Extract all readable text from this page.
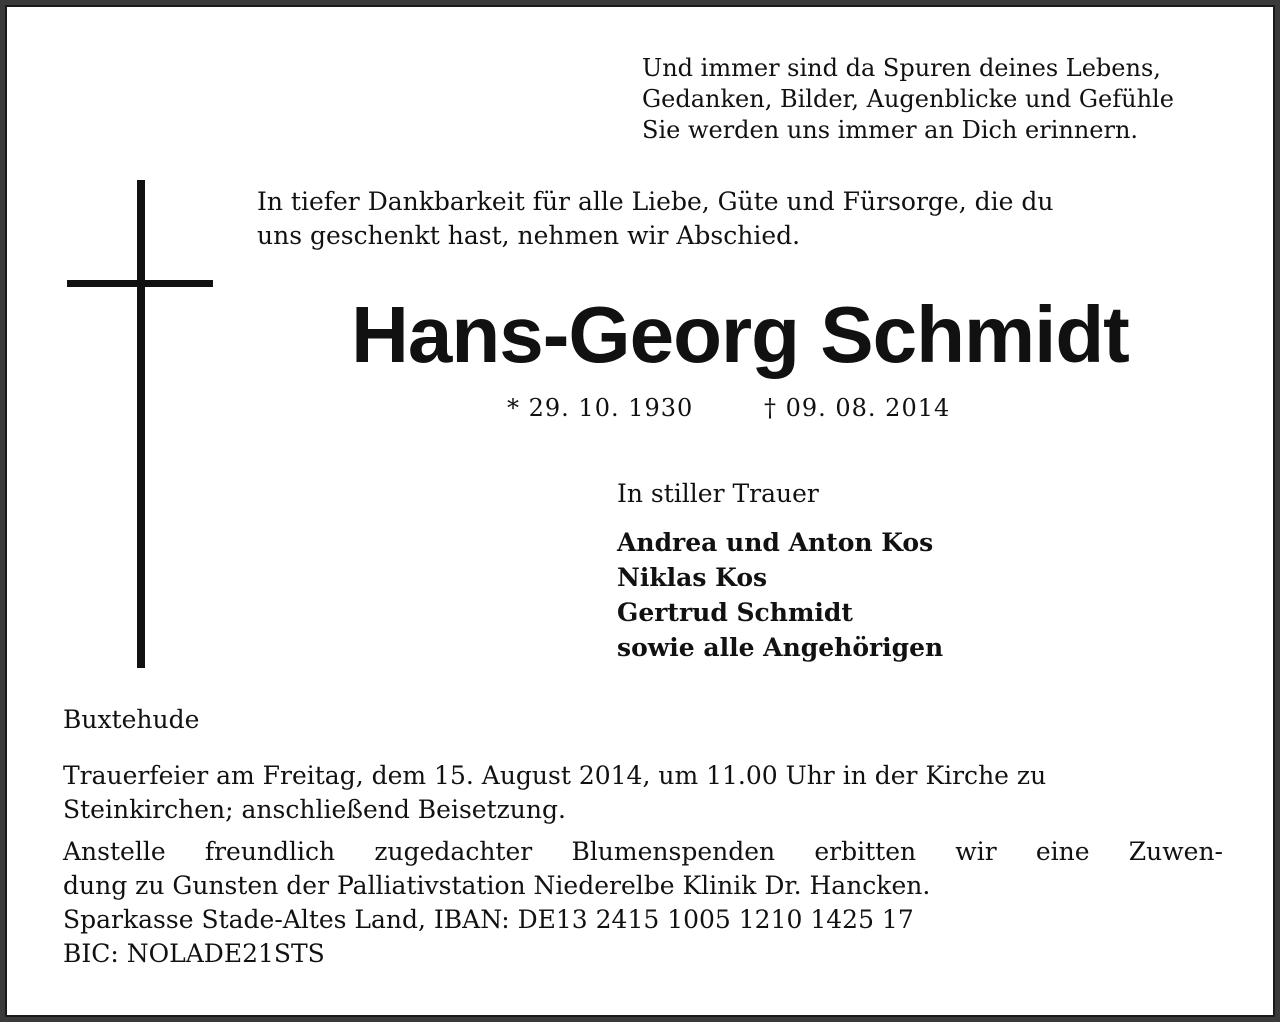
Und immer sind da Spuren deines Lebens,
Gedanken, Bilder, Augenblicke und Gefühle
Sie werden uns immer an Dich erinnern.
In tiefer Dankbarkeit für alle Liebe, Güte und Fürsorge, die du
uns geschenkt hast, nehmen wir Abschied.
Hans-Georg Schmidt
* 29. 10. 1930	† 09. 08. 2014
In stiller Trauer
Andrea und Anton Kos
Niklas Kos
Gertrud Schmidt
sowie alle Angehörigen
Buxtehude
Trauerfeier am Freitag, dem 15. August 2014, um 11.00 Uhr in der Kirche zu
Steinkirchen; anschließend Beisetzung.
Anstelle freundlich zugedachter Blumenspenden erbitten wir eine Zuwen-
dung zu Gunsten der Palliativstation Niederelbe Klinik Dr. Hancken.
Sparkasse Stade-Altes Land, IBAN: DE13 2415 1005 1210 1425 17
BIC: NOLADE21STS
